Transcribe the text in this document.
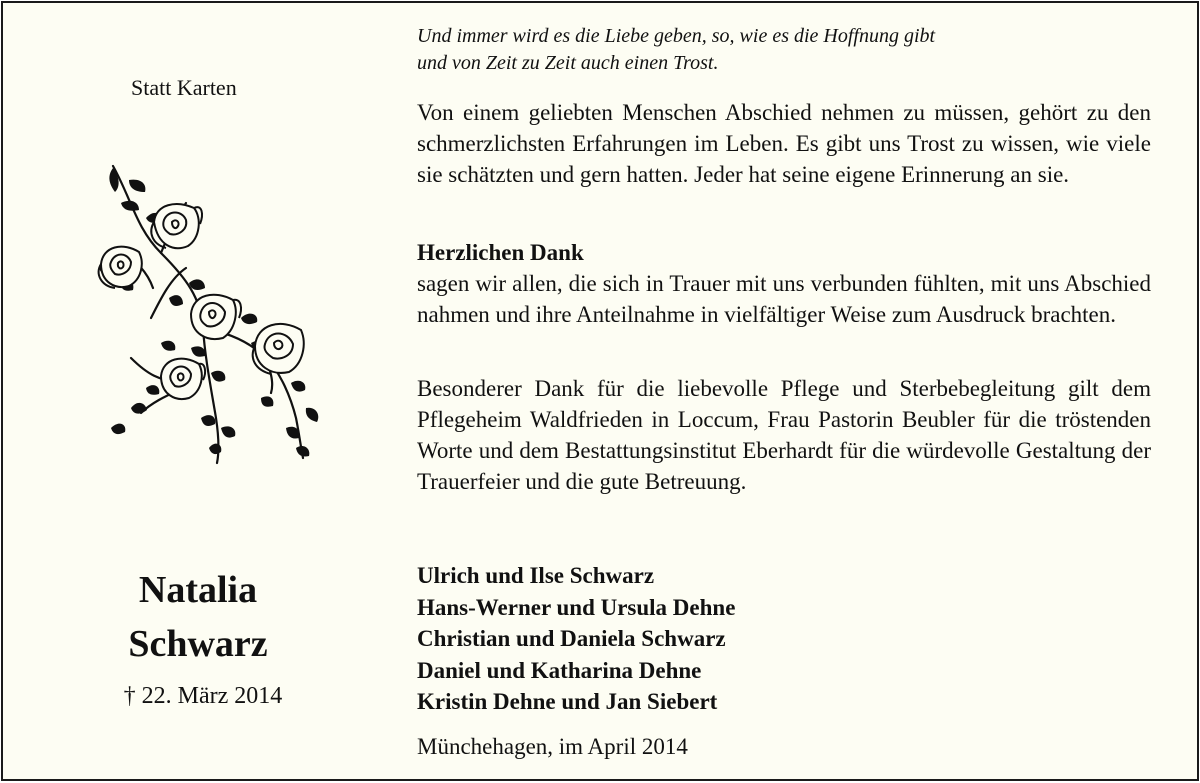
Statt Karten
Natalia
Schwarz
† 22. März 2014
Und immer wird es die Liebe geben, so, wie es die Hoffnung gibt
und von Zeit zu Zeit auch einen Trost.
Von einem geliebten Menschen Abschied nehmen zu müssen, gehört zu den schmerzlichsten Erfahrungen im Leben. Es gibt uns Trost zu wissen, wie viele sie schätzten und gern hatten. Jeder hat seine eigene Erinnerung an sie.
Herzlichen Dank
sagen wir allen, die sich in Trauer mit uns verbunden fühlten, mit uns Abschied nahmen und ihre Anteilnahme in vielfältiger Weise zum Ausdruck brachten.
Besonderer Dank für die liebevolle Pflege und Sterbebegleitung gilt dem Pflegeheim Waldfrieden in Loccum, Frau Pastorin Beubler für die tröstenden Worte und dem Bestattungsinstitut Eberhardt für die würdevolle Gestaltung der Trauerfeier und die gute Betreuung.
Ulrich und Ilse Schwarz
Hans-Werner und Ursula Dehne
Christian und Daniela Schwarz
Daniel und Katharina Dehne
Kristin Dehne und Jan Siebert
Münchehagen, im April 2014
